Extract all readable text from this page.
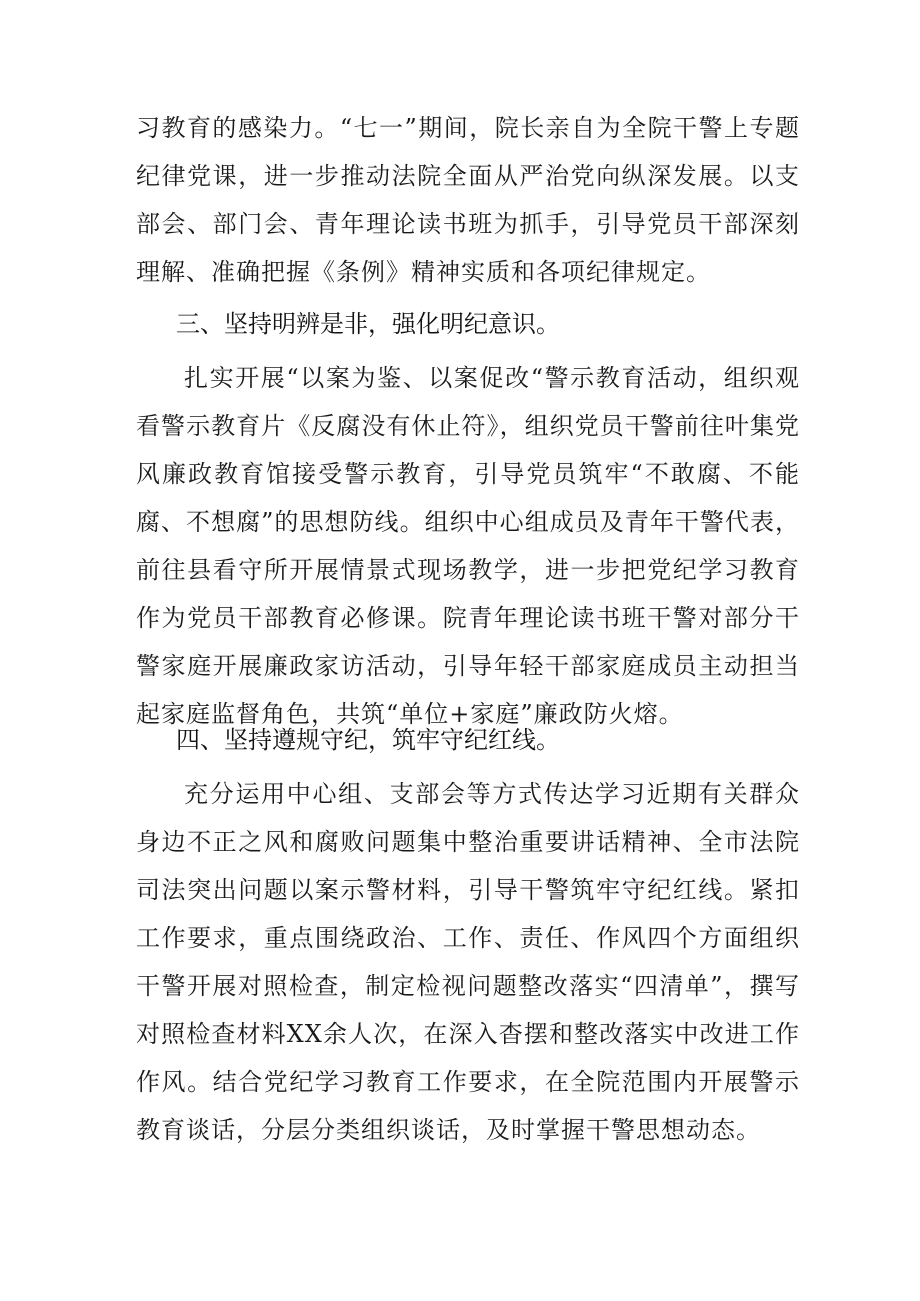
习教育的感染力。“七一”期间，院长亲自为全院干警上专题纪律党课，进一步推动法院全面从严治党向纵深发展。以支部会、部门会、青年理论读书班为抓手，引导党员干部深刻理解、准确把握《条例》精神实质和各项纪律规定。

三、坚持明辨是非，强化明纪意识。

扎实开展“以案为鉴、以案促改“警示教育活动，组织观看警示教育片《反腐没有休止符》，组织党员干警前往叶集党风廉政教育馆接受警示教育，引导党员筑牢“不敢腐、不能腐、不想腐”的思想防线。组织中心组成员及青年干警代表，前往县看守所开展情景式现场教学，进一步把党纪学习教育作为党员干部教育必修课。院青年理论读书班干警对部分干警家庭开展廉政家访活动，引导年轻干部家庭成员主动担当起家庭监督角色，共筑“单位+家庭”廉政防火熔。

四、坚持遵规守纪，筑牢守纪红线。

充分运用中心组、支部会等方式传达学习近期有关群众身边不正之风和腐败问题集中整治重要讲话精神、全市法院司法突出问题以案示警材料，引导干警筑牢守纪红线。紧扣工作要求，重点围绕政治、工作、责任、作风四个方面组织干警开展对照检查，制定检视问题整改落实“四清单”，撰写对照检查材料XX余人次，在深入杳摆和整改落实中改进工作作风。结合党纪学习教育工作要求，在全院范围内开展警示教育谈话，分层分类组织谈话，及时掌握干警思想动态。
